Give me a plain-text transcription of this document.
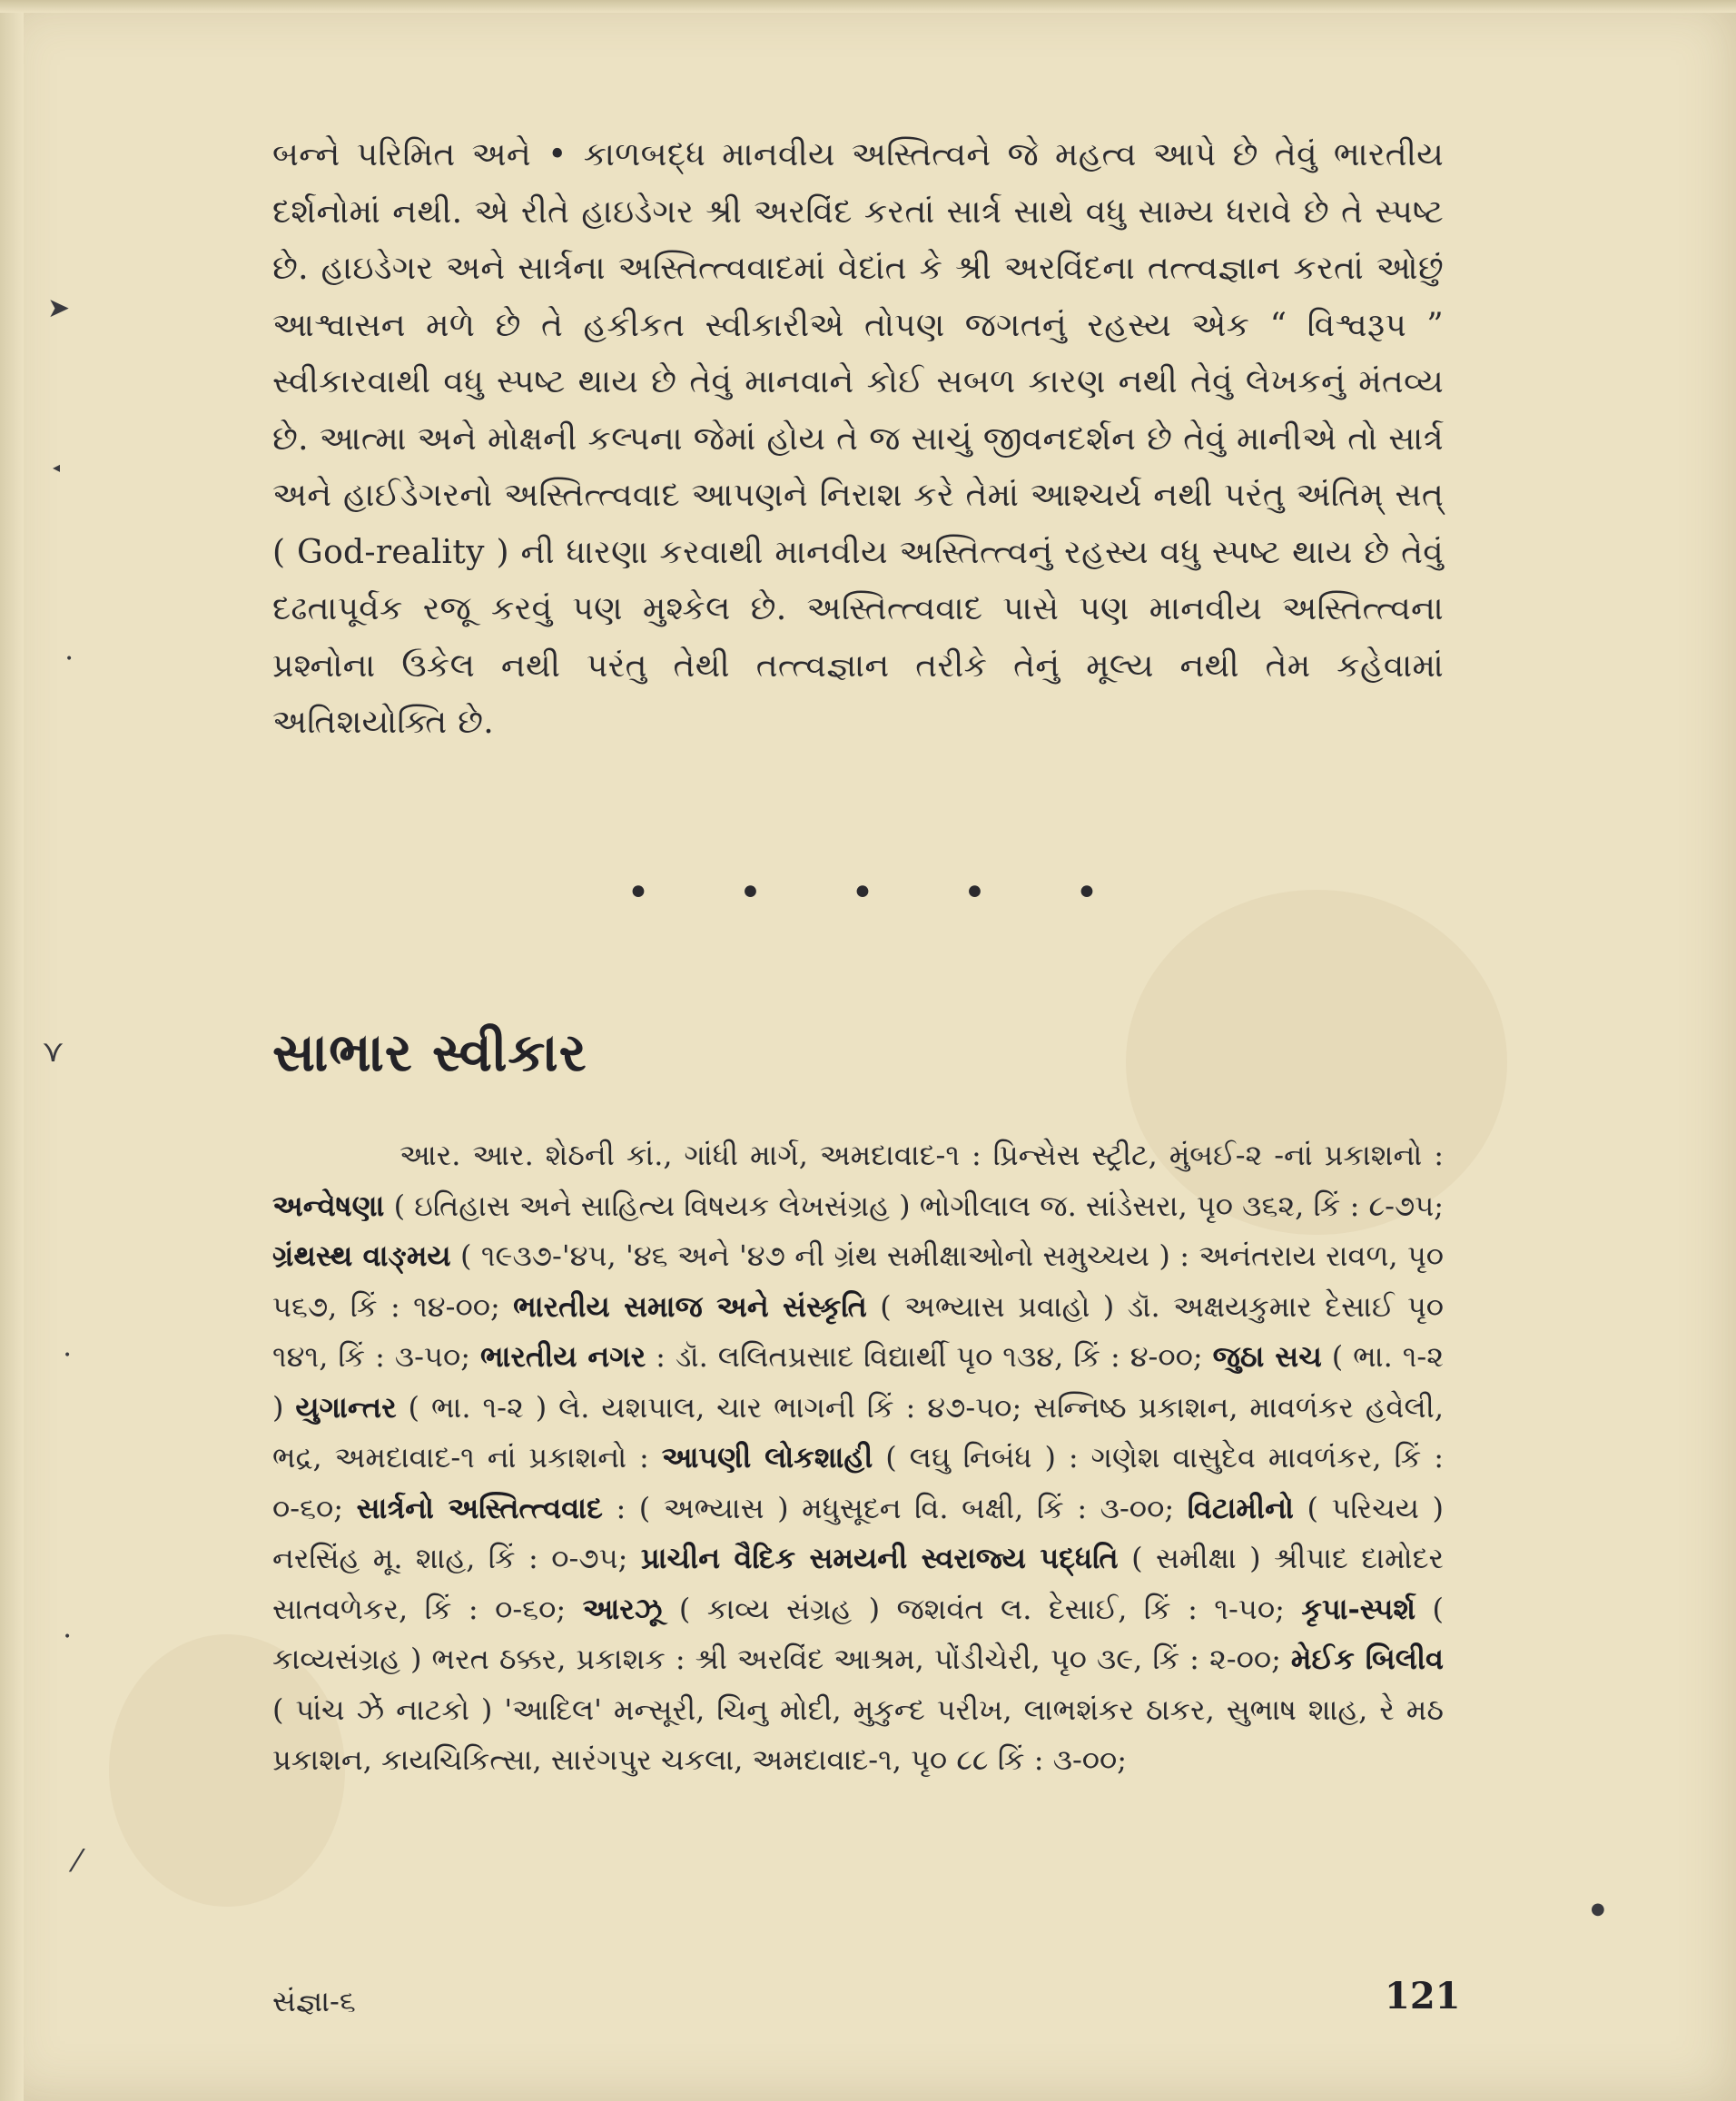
➤
◂
•
⋎
•
•
⁄
●

બન્ને પરિમિત અને • કાળબદ્ધ માનવીય અસ્તિત્વને જે મહત્વ આપે છે તેવું ભારતીય દર્શનોમાં નથી. એ રીતે હાઇડેગર શ્રી અરવિંદ કરતાં સાર્ત્ર સાથે વધુ સામ્ય ધરાવે છે તે સ્પષ્ટ છે. હાઇડેગર અને સાર્ત્રના અસ્તિત્ત્વવાદમાં વેદાંત કે શ્રી અરવિંદના તત્ત્વજ્ઞાન કરતાં ઓછું આશ્વાસન મળે છે તે હકીકત સ્વીકારીએ તોપણ જગતનું રહસ્ય એક “ વિશ્વરૂપ ” સ્વીકારવાથી વધુ સ્પષ્ટ થાય છે તેવું માનવાને કોઈ સબળ કારણ નથી તેવું લેખકનું મંતવ્ય છે. આત્મા અને મોક્ષની કલ્પના જેમાં હોય તે જ સાચું જીવનદર્શન છે તેવું માનીએ તો સાર્ત્ર અને હાઈડેગરનો અસ્તિત્ત્વવાદ આપણને નિરાશ કરે તેમાં આશ્ચર્ય નથી પરંતુ અંતિમ્ સત્ ( God-reality ) ની ધારણા કરવાથી માનવીય અસ્તિત્ત્વનું રહસ્ય વધુ સ્પષ્ટ થાય છે તેવું દઢતાપૂર્વક રજૂ કરવું પણ મુશ્કેલ છે. અસ્તિત્ત્વવાદ પાસે પણ માનવીય અસ્તિત્ત્વના પ્રશ્નોના ઉકેલ નથી પરંતુ તેથી તત્ત્વજ્ઞાન તરીકે તેનું મૂલ્ય નથી તેમ કહેવામાં અતિશયોક્તિ છે.

• • • • •
સાભાર સ્વીકાર

આર. આર. શેઠની કાં., ગાંધી માર્ગ, અમદાવાદ-૧ : પ્રિન્સેસ સ્ટ્રીટ, મુંબઈ-૨ -નાં પ્રકાશનો : અન્વેષણા ( ઇતિહાસ અને સાહિત્ય વિષયક લેખસંગ્રહ ) ભોગીલાલ જ. સાંડેસરા, પૃ૦ ૩૬૨, કિં : ૮-૭૫; ગ્રંથસ્થ વાઙ્મય ( ૧૯૩૭-'૪૫, '૪૬ અને '૪૭ ની ગ્રંથ સમીક્ષાઓનો સમુચ્ચય ) : અનંતરાય રાવળ, પૃ૦ ૫૬૭, કિં : ૧૪-૦૦; ભારતીય સમાજ અને સંસ્કૃતિ ( અભ્યાસ પ્રવાહો ) ડૉ. અક્ષયકુમાર દેસાઈ પૃ૦ ૧૪૧, કિં : ૩-૫૦; ભારતીય નગર : ડૉ. લલિતપ્રસાદ વિદ્યાર્થી પૃ૦ ૧૩૪, કિં : ૪-૦૦; જુઠા સચ ( ભા. ૧-૨ ) યુગાન્તર ( ભા. ૧-૨ ) લે. યશપાલ, ચાર ભાગની કિં : ૪૭-૫૦; સન્નિષ્ઠ પ્રકાશન, માવળંકર હવેલી, ભદ્ર, અમદાવાદ-૧ નાં પ્રકાશનો : આપણી લોકશાહી ( લઘુ નિબંધ ) : ગણેશ વાસુદેવ માવળંકર, કિં : ૦-૬૦; સાર્ત્રનો અસ્તિત્ત્વવાદ : ( અભ્યાસ ) મધુસૂદન વિ. બક્ષી, કિં : ૩-૦૦; વિટામીનો ( પરિચય ) નરસિંહ મૂ. શાહ, કિં : ૦-૭૫; પ્રાચીન વૈદિક સમયની સ્વરાજ્ય પદ્ધતિ ( સમીક્ષા ) શ્રીપાદ દામોદર સાતવળેકર, કિં : ૦-૬૦; આરઝૂ ( કાવ્ય સંગ્રહ ) જશવંત લ. દેસાઈ, કિં : ૧-૫૦; કૃપા-સ્પર્શ ( કાવ્યસંગ્રહ ) ભરત ઠક્કર, પ્રકાશક : શ્રી અરવિંદ આશ્રમ, પોંડીચેરી, પૃ૦ ૩૯, કિં : ૨-૦૦; મેઈક બિલીવ ( પાંચ ઝેૅ નાટકો ) 'આદિલ' મન્સૂરી, ચિનુ મોદી, મુકુન્દ પરીખ, લાભશંકર ઠાકર, સુભાષ શાહ, રે મઠ પ્રકાશન, કાયચિકિત્સા, સારંગપુર ચકલા, અમદાવાદ-૧, પૃ૦ ૮૮ કિં : ૩-૦૦;

સંજ્ઞા-૬	121
